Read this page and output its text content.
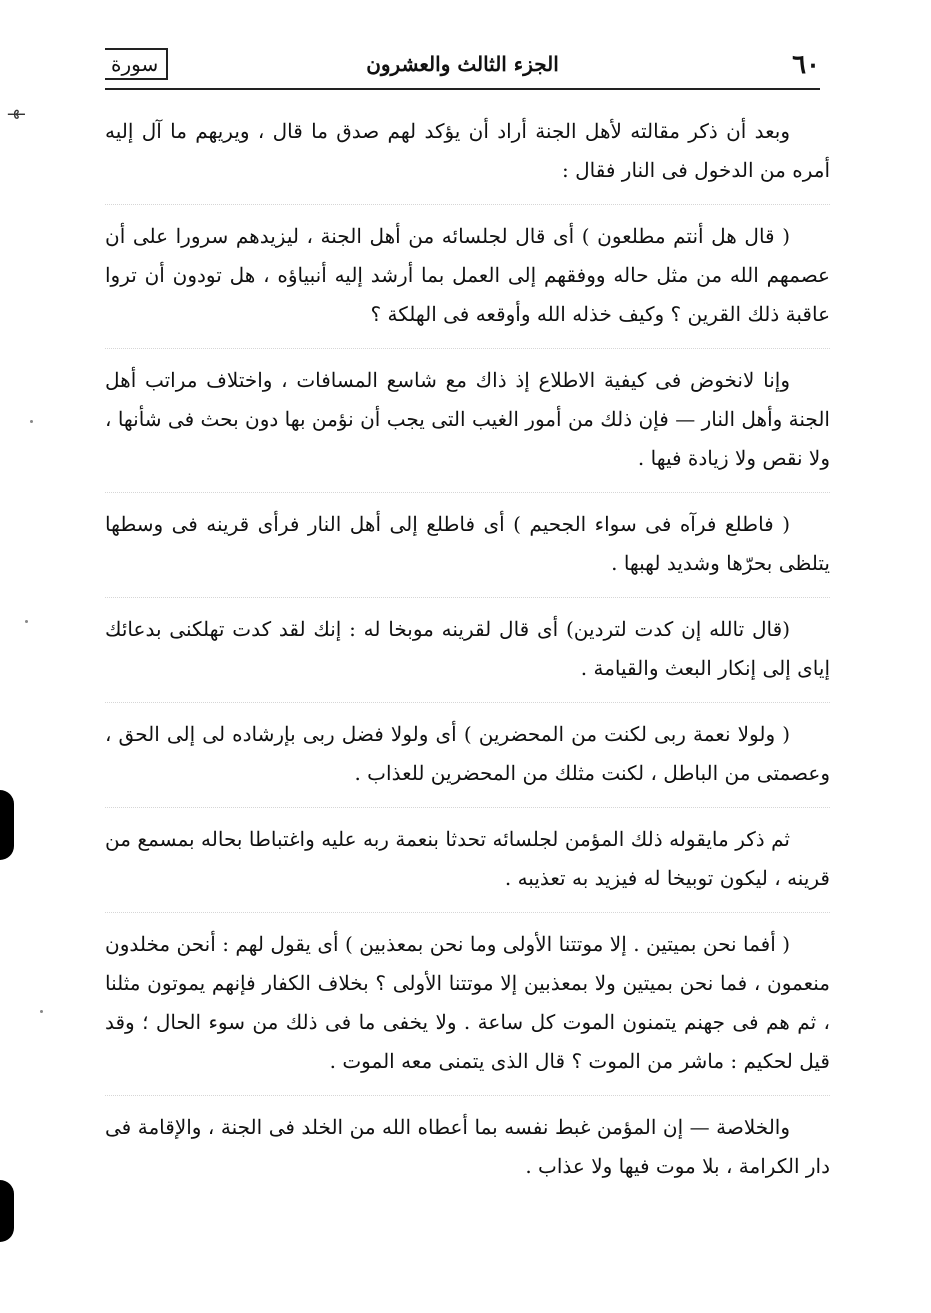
ـﻬـ
٦٠
الجزء الثالث والعشرون
سورة

وبعد أن ذكر مقالته لأهل الجنة أراد أن يؤكد لهم صدق ما قال ، ويريهم ما آل إليه أمره من الدخول فى النار فقال :

( قال هل أنتم مطلعون ) أى قال لجلسائه من أهل الجنة ، ليزيدهم سرورا على أن عصمهم الله من مثل حاله ووفقهم إلى العمل بما أرشد إليه أنبياؤه ، هل تودون أن تروا عاقبة ذلك القرين ؟ وكيف خذله الله وأوقعه فى الهلكة ؟

وإنا لانخوض فى كيفية الاطلاع إذ ذاك مع شاسع المسافات ، واختلاف مراتب أهل الجنة وأهل النار — فإن ذلك من أمور الغيب التى يجب أن نؤمن بها دون بحث فى شأنها ، ولا نقص ولا زيادة فيها .

( فاطلع فرآه فى سواء الجحيم ) أى فاطلع إلى أهل النار فرأى قرينه فى وسطها يتلظى بحرّها وشديد لهبها .

(قال تالله إن كدت لتردين) أى قال لقرينه موبخا له : إنك لقد كدت تهلكنى بدعائك إياى إلى إنكار البعث والقيامة .

( ولولا نعمة ربى لكنت من المحضرين ) أى ولولا فضل ربى بإرشاده لى إلى الحق ، وعصمتى من الباطل ، لكنت مثلك من المحضرين للعذاب .

ثم ذكر مايقوله ذلك المؤمن لجلسائه تحدثا بنعمة ربه عليه واغتباطا بحاله بمسمع من قرينه ، ليكون توبيخا له فيزيد به تعذيبه .

( أفما نحن بميتين . إلا موتتنا الأولى وما نحن بمعذبين ) أى يقول لهم : أنحن مخلدون منعمون ، فما نحن بميتين ولا بمعذبين إلا موتتنا الأولى ؟ بخلاف الكفار فإنهم يموتون مثلنا ، ثم هم فى جهنم يتمنون الموت كل ساعة . ولا يخفى ما فى ذلك من سوء الحال ؛ وقد قيل لحكيم : ماشر من الموت ؟ قال الذى يتمنى معه الموت .

والخلاصة — إن المؤمن غبط نفسه بما أعطاه الله من الخلد فى الجنة ، والإقامة فى دار الكرامة ، بلا موت فيها ولا عذاب .
